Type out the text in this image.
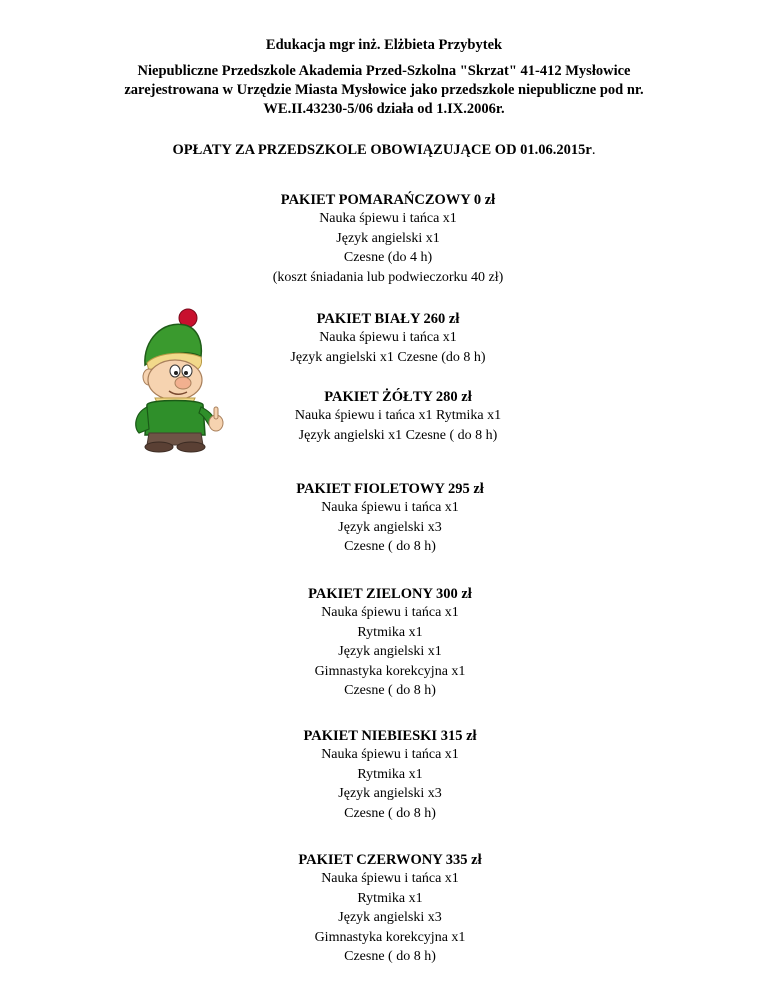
Edukacja mgr inż. Elżbieta Przybytek
Niepubliczne Przedszkole Akademia Przed-Szkolna "Skrzat" 41-412 Mysłowice
zarejestrowana w Urzędzie Miasta Mysłowice jako przedszkole niepubliczne pod nr.
WE.II.43230-5/06 działa od 1.IX.2006r.
OPŁATY ZA PRZEDSZKOLE OBOWIĄZUJĄCE OD 01.06.2015r.
PAKIET POMARAŃCZOWY 0 zł
Nauka śpiewu i tańca x1
Język angielski x1
Czesne (do 4 h)
(koszt śniadania lub podwieczorku 40 zł)
PAKIET BIAŁY 260 zł
Nauka śpiewu i tańca x1
Język angielski x1 Czesne (do 8 h)
PAKIET ŻÓŁTY 280 zł
Nauka śpiewu i tańca x1 Rytmika x1
Język angielski x1 Czesne ( do 8 h)
PAKIET FIOLETOWY 295 zł
Nauka śpiewu i tańca x1
Język angielski x3
Czesne ( do 8 h)
PAKIET ZIELONY 300 zł
Nauka śpiewu i tańca x1
Rytmika x1
Język angielski x1
Gimnastyka korekcyjna x1
Czesne ( do 8 h)
PAKIET NIEBIESKI 315 zł
Nauka śpiewu i tańca x1
Rytmika x1
Język angielski x3
Czesne ( do 8 h)
PAKIET CZERWONY 335 zł
Nauka śpiewu i tańca x1
Rytmika x1
Język angielski x3
Gimnastyka korekcyjna x1
Czesne ( do 8 h)
